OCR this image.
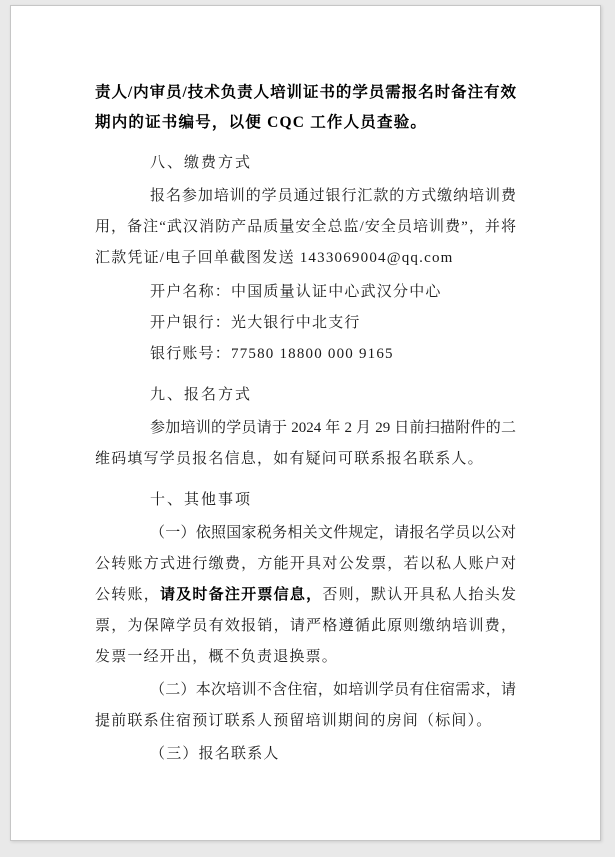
责人/内审员/技术负责人培训证书的学员需报名时备注有效
期内的证书编号，以便 CQC 工作人员查验。
八、缴费方式
报名参加培训的学员通过银行汇款的方式缴纳培训费
用，备注“武汉消防产品质量安全总监/安全员培训费”，并将
汇款凭证/电子回单截图发送 1433069004@qq.com
开户名称：中国质量认证中心武汉分中心
开户银行：光大银行中北支行
银行账号：77580 18800 000 9165
九、报名方式
参加培训的学员请于 2024 年 2 月 29 日前扫描附件的二
维码填写学员报名信息，如有疑问可联系报名联系人。
十、其他事项
（一）依照国家税务相关文件规定，请报名学员以公对
公转账方式进行缴费，方能开具对公发票，若以私人账户对
公转账，请及时备注开票信息，否则，默认开具私人抬头发
票，为保障学员有效报销，请严格遵循此原则缴纳培训费，
发票一经开出，概不负责退换票。
（二）本次培训不含住宿，如培训学员有住宿需求，请
提前联系住宿预订联系人预留培训期间的房间（标间）。
（三）报名联系人
